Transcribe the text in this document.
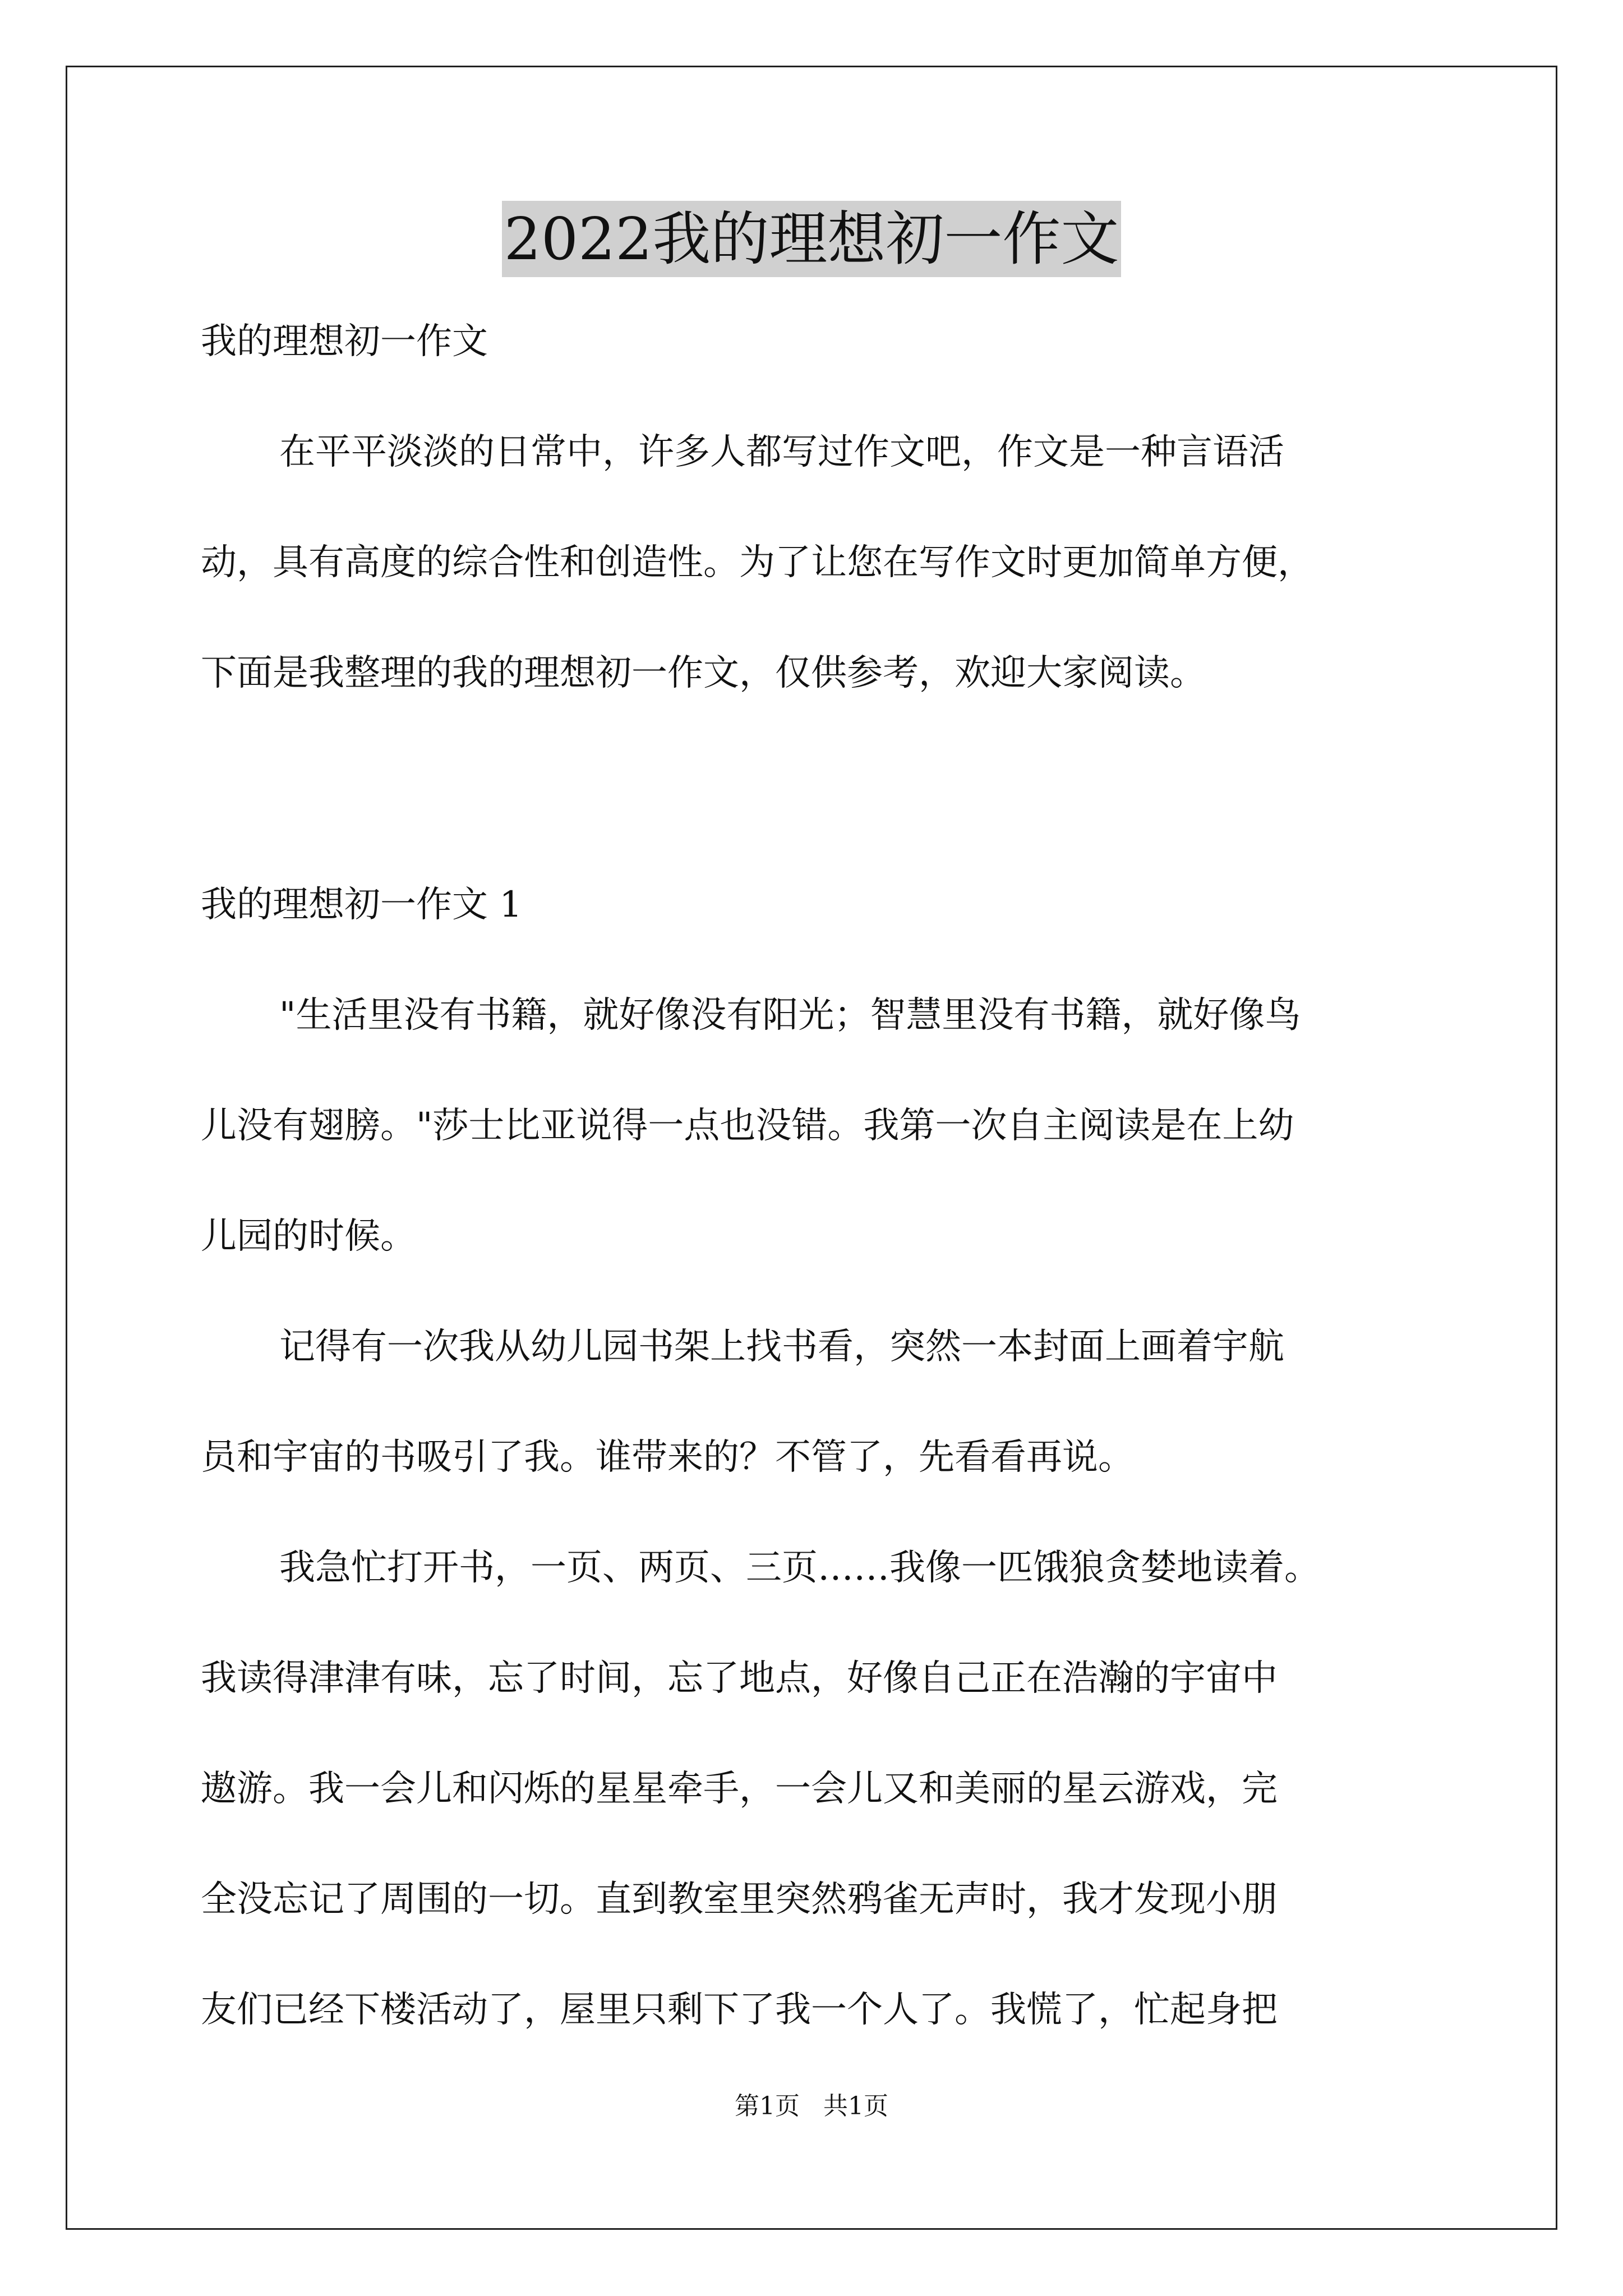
2022我的理想初一作文
我的理想初一作文
在平平淡淡的日常中，许多人都写过作文吧，作文是一种言语活
动，具有高度的综合性和创造性。为了让您在写作文时更加简单方便，
下面是我整理的我的理想初一作文，仅供参考，欢迎大家阅读。
我的理想初一作文 1
"生活里没有书籍，就好像没有阳光；智慧里没有书籍，就好像鸟
儿没有翅膀。"莎士比亚说得一点也没错。我第一次自主阅读是在上幼
儿园的时候。
记得有一次我从幼儿园书架上找书看，突然一本封面上画着宇航
员和宇宙的书吸引了我。谁带来的？不管了，先看看再说。
我急忙打开书，一页、两页、三页……我像一匹饿狼贪婪地读着。
我读得津津有味，忘了时间，忘了地点，好像自己正在浩瀚的宇宙中
遨游。我一会儿和闪烁的星星牵手，一会儿又和美丽的星云游戏，完
全没忘记了周围的一切。直到教室里突然鸦雀无声时，我才发现小朋
友们已经下楼活动了，屋里只剩下了我一个人了。我慌了，忙起身把
第1页   共1页
